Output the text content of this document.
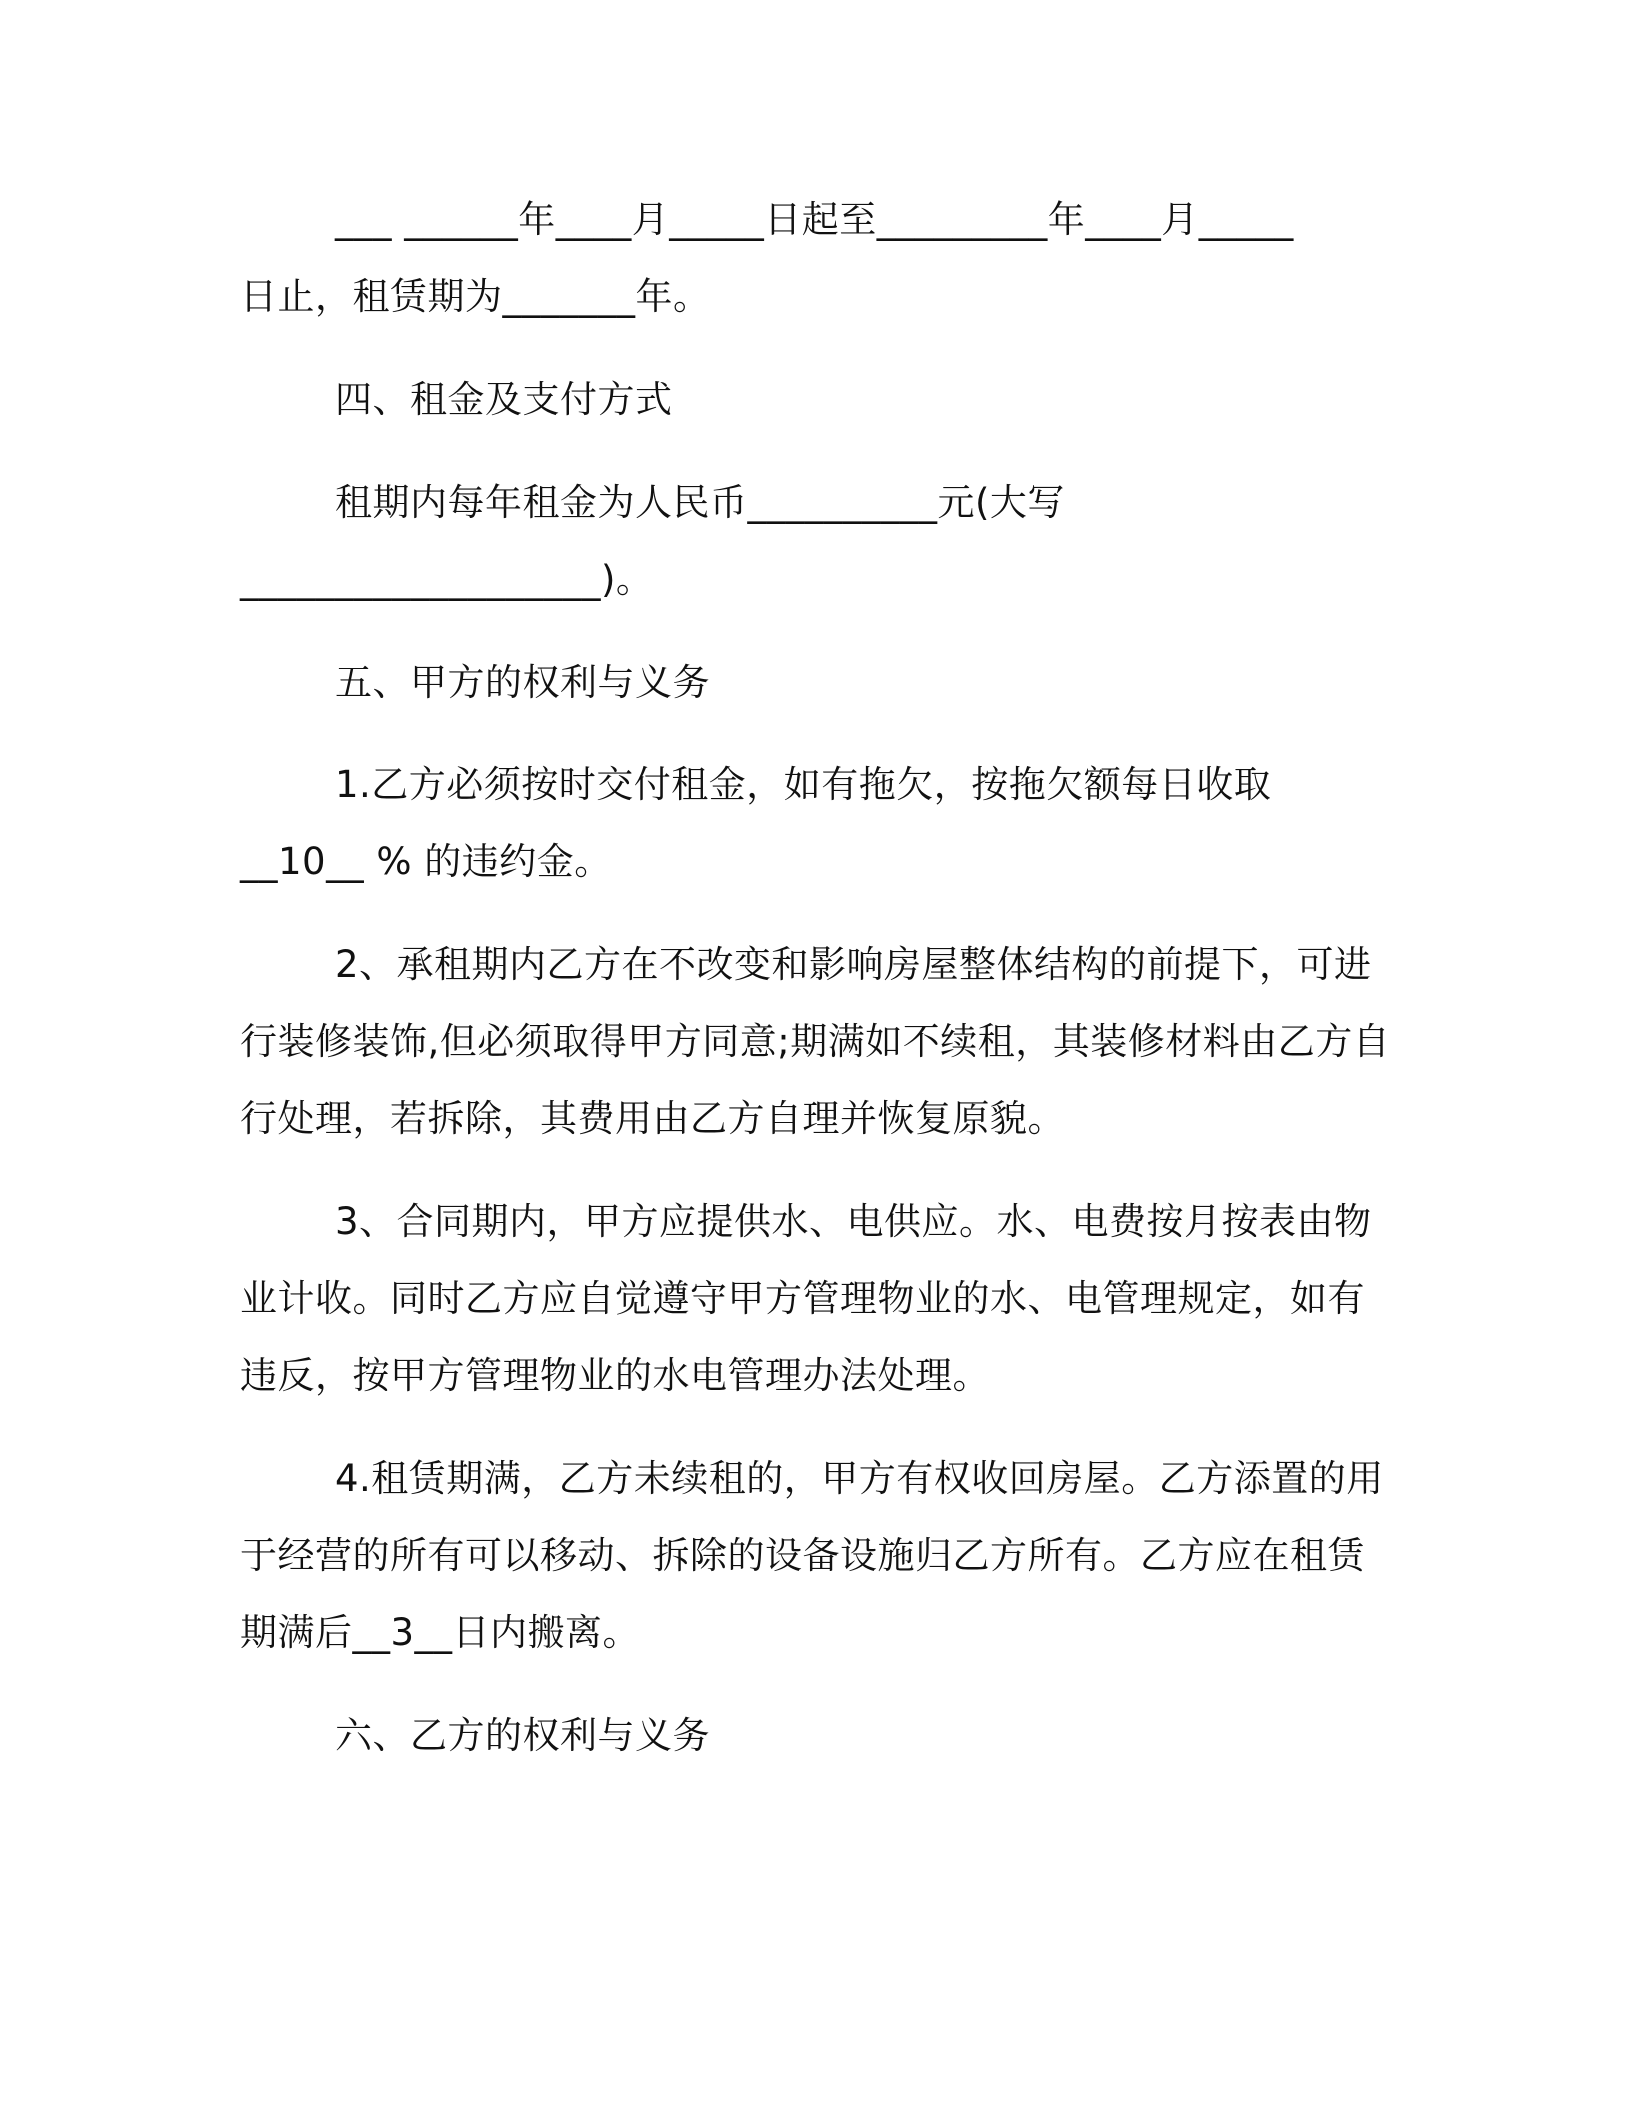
___ ______年____月_____日起至_________年____月_____
日止，租赁期为_______年。
四、租金及支付方式
租期内每年租金为人民币__________元(大写
___________________)。
五、甲方的权利与义务
1.乙方必须按时交付租金，如有拖欠，按拖欠额每日收取
__10__ % 的违约金。
2、承租期内乙方在不改变和影响房屋整体结构的前提下，可进
行装修装饰,但必须取得甲方同意;期满如不续租，其装修材料由乙方自
行处理，若拆除，其费用由乙方自理并恢复原貌。
3、合同期内，甲方应提供水、电供应。水、电费按月按表由物
业计收。同时乙方应自觉遵守甲方管理物业的水、电管理规定，如有
违反，按甲方管理物业的水电管理办法处理。
4.租赁期满，乙方未续租的，甲方有权收回房屋。乙方添置的用
于经营的所有可以移动、拆除的设备设施归乙方所有。乙方应在租赁
期满后__3__日内搬离。
六、乙方的权利与义务
